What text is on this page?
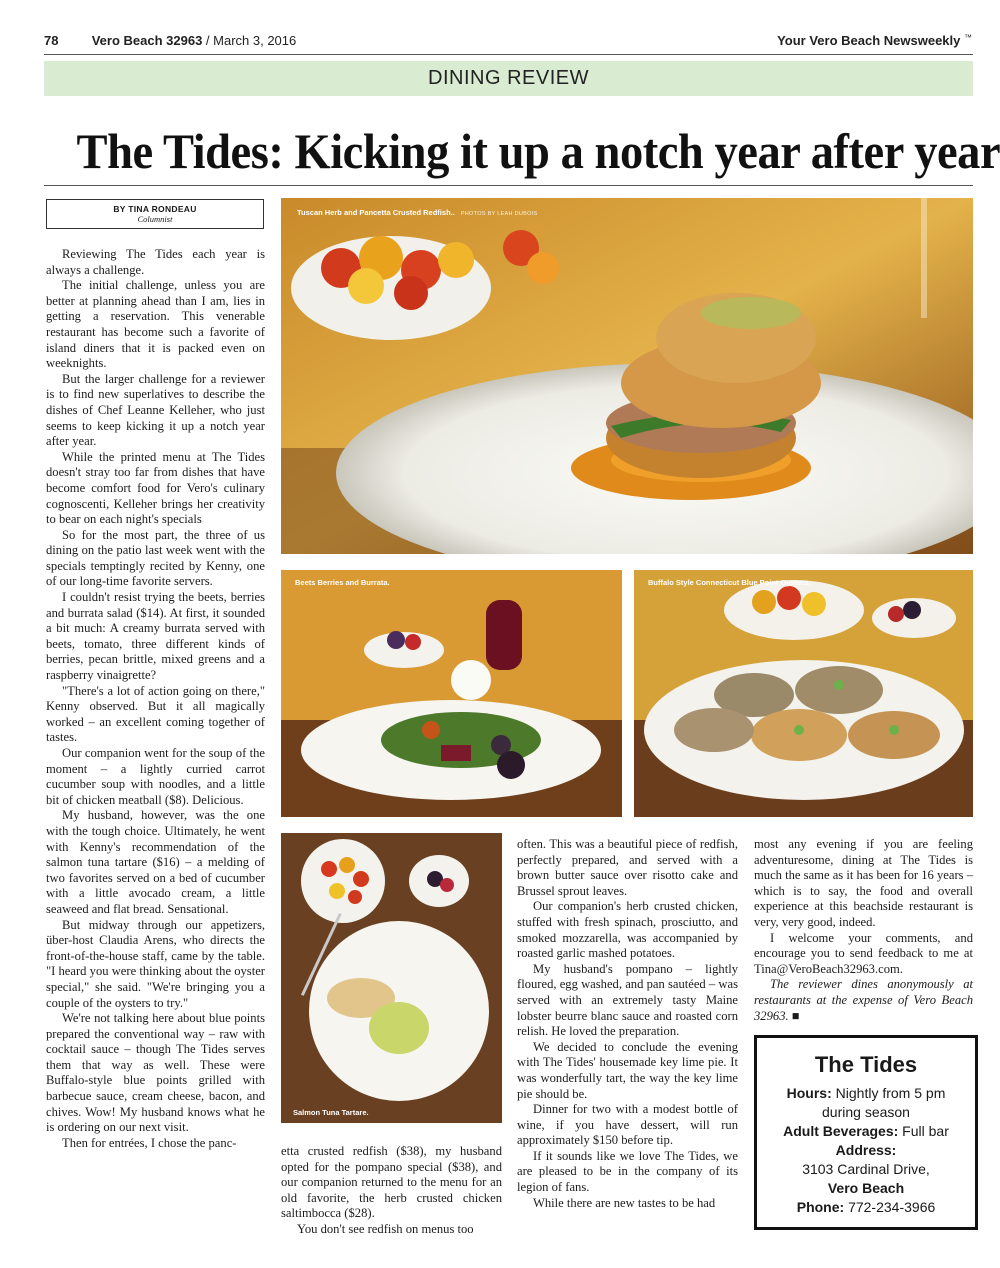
78	Vero Beach 32963 / March 3, 2016	Your Vero Beach Newsweekly ™
DINING REVIEW
The Tides: Kicking it up a notch year after year
BY TINA RONDEAU
Columnist
Tuscan Herb and Pancetta Crusted Redfish.. PHOTOS BY LEAH DUBOIS
Beets Berries and Burrata.	Buffalo Style Connecticut Blue Point Oysters.
Salmon Tuna Tartare.

Reviewing The Tides each year is always a challenge.

The initial challenge, unless you are better at planning ahead than I am, lies in getting a reservation. This venerable restaurant has become such a favorite of island diners that it is packed even on weeknights.

But the larger challenge for a reviewer is to find new superlatives to describe the dishes of Chef Leanne Kelleher, who just seems to keep kicking it up a notch year after year.

While the printed menu at The Tides doesn't stray too far from dishes that have become comfort food for Vero's culinary cognoscenti, Kelleher brings her creativity to bear on each night's specials

So for the most part, the three of us dining on the patio last week went with the specials temptingly recited by Kenny, one of our long-time favorite servers.

I couldn't resist trying the beets, berries and burrata salad ($14). At first, it sounded a bit much: A creamy burrata served with beets, tomato, three different kinds of berries, pecan brittle, mixed greens and a raspberry vinaigrette?

"There's a lot of action going on there," Kenny observed. But it all magically worked – an excellent coming together of tastes.

Our companion went for the soup of the moment – a lightly curried carrot cucumber soup with noodles, and a little bit of chicken meatball ($8). Delicious.

My husband, however, was the one with the tough choice. Ultimately, he went with Kenny's recommendation of the salmon tuna tartare ($16) – a melding of two favorites served on a bed of cucumber with a little avocado cream, a little seaweed and flat bread. Sensational.

But midway through our appetizers, über-host Claudia Arens, who directs the front-of-the-house staff, came by the table. "I heard you were thinking about the oyster special," she said. "We're bringing you a couple of the oysters to try."

We're not talking here about blue points prepared the conventional way – raw with cocktail sauce – though The Tides serves them that way as well. These were Buffalo-style blue points grilled with barbecue sauce, cream cheese, bacon, and chives. Wow! My husband knows what he is ordering on our next visit.

Then for entrées, I chose the panc-

etta crusted redfish ($38), my husband opted for the pompano special ($38), and our companion returned to the menu for an old favorite, the herb crusted chicken saltimbocca ($28).

You don't see redfish on menus too

often. This was a beautiful piece of redfish, perfectly prepared, and served with a brown butter sauce over risotto cake and Brussel sprout leaves.

Our companion's herb crusted chicken, stuffed with fresh spinach, prosciutto, and smoked mozzarella, was accompanied by roasted garlic mashed potatoes.

My husband's pompano – lightly floured, egg washed, and pan sautéed – was served with an extremely tasty Maine lobster beurre blanc sauce and roasted corn relish. He loved the preparation.

We decided to conclude the evening with The Tides' housemade key lime pie. It was wonderfully tart, the way the key lime pie should be.

Dinner for two with a modest bottle of wine, if you have dessert, will run approximately $150 before tip.

If it sounds like we love The Tides, we are pleased to be in the company of its legion of fans.

While there are new tastes to be had

most any evening if you are feeling adventuresome, dining at The Tides is much the same as it has been for 16 years – which is to say, the food and overall experience at this beachside restaurant is very, very good, indeed.

I welcome your comments, and encourage you to send feedback to me at Tina@VeroBeach32963.com.

The reviewer dines anonymously at restaurants at the expense of Vero Beach 32963. ■

The Tides
Hours: Nightly from 5 pm
during season
Adult Beverages: Full bar
Address:
3103 Cardinal Drive,
Vero Beach
Phone: 772-234-3966
